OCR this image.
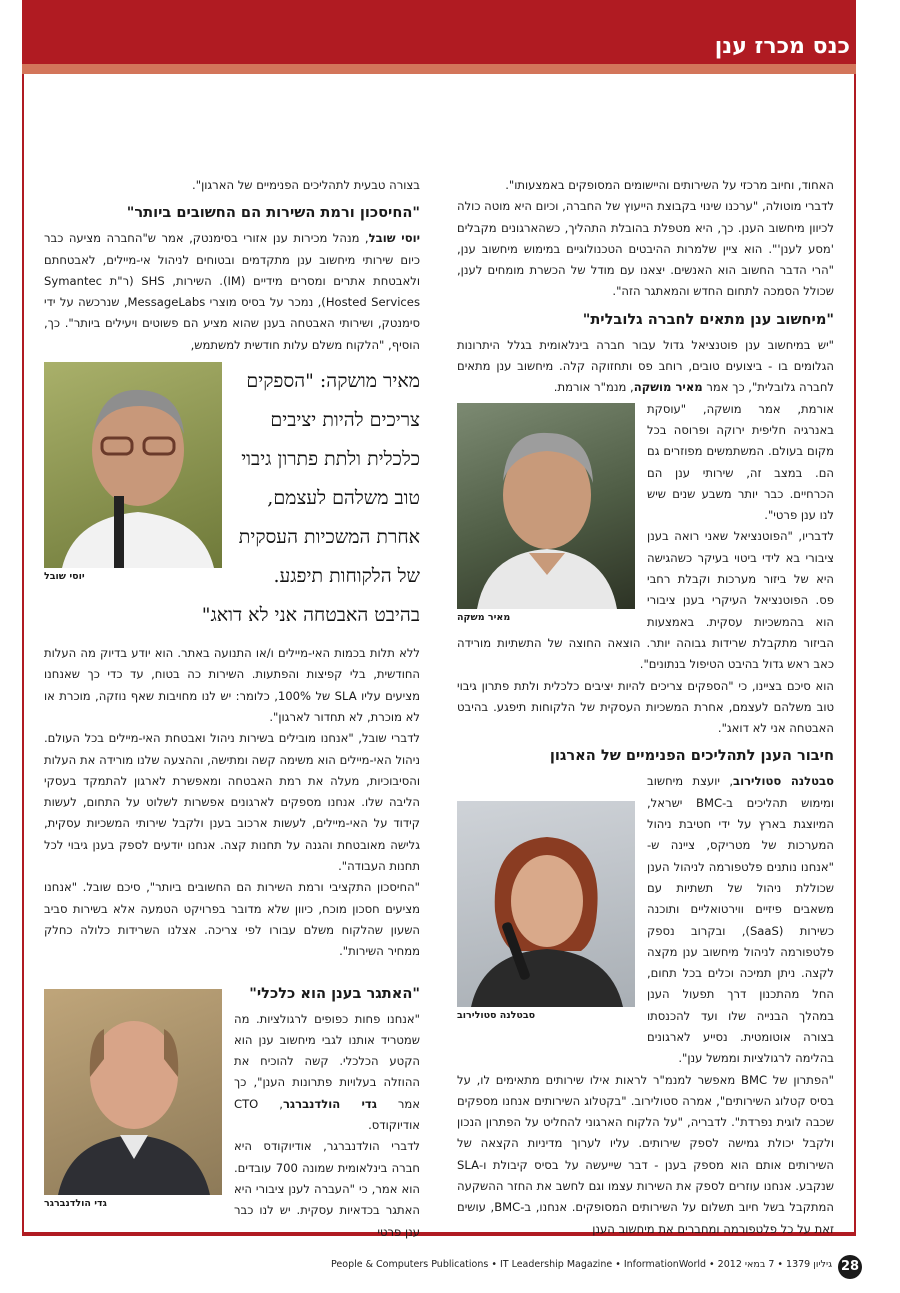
כנס מכרז ענן

האחוד, וחיוב מרכזי על השירותים והיישומים המסופקים באמצעותו".

לדברי מוטולה, "ערכנו שינוי בקבוצת הייעוץ של החברה, וכיום היא מוטה כולה לכיוון מיחשוב הענן. כך, היא מטפלת בהובלת התהליך, כשהארגונים מקבלים 'מסע לענן'". הוא ציין שלמרות ההיבטים הטכנולוגיים במימוש מיחשוב ענן, "הרי הדבר החשוב הוא האנשים. יצאנו עם מודל של הכשרת מומחים לענן, שכולל הסמכה לתחום החדש והמאתגר הזה".

"מיחשוב ענן מתאים לחברה גלובלית"

"יש במיחשוב ענן פוטנציאל גדול עבור חברה בינלאומית בגלל היתרונות הגלומים בו - ביצועים טובים, רוחב פס ותחזוקה קלה. מיחשוב ענן מתאים לחברה גלובלית", כך אמר מאיר מושקה, מנמ"ר אורמת.

מאיר משקה

אורמת, אמר מושקה, "עוסקת באנרגיה חליפית ירוקה ופרוסה בכל מקום בעולם. המשתמשים מפוזרים גם הם. במצב זה, שירותי ענן הם הכרחיים. כבר יותר משבע שנים שיש לנו ענן פרטי".

לדבריו, "הפוטנציאל שאני רואה בענן ציבורי בא לידי ביטוי בעיקר כשהגישה היא של ביזור מערכות וקבלת רחבי פס. הפוטנציאל העיקרי בענן ציבורי הוא בהמשכיות עסקית. באמצעות הביזור מתקבלת שרידות גבוהה יותר. הוצאה החוצה של התשתיות מורידה כאב ראש גדול בהיבט הטיפול בנתונים".

הוא סיכם בציינו, כי "הספקים צריכים להיות יציבים כלכלית ולתת פתרון גיבוי טוב משלהם לעצמם, אחרת המשכיות העסקית של הלקוחות תיפגע. בהיבט האבטחה אני לא דואג".

חיבור הענן לתהליכים הפנימיים של הארגון
סבטלנה סטולירוב

סבטלנה סטולירוב, יועצת מיחשוב ומימוש תהליכים ב-BMC ישראל, המיוצגת בארץ על ידי חטיבת ניהול המערכות של מטריקס, ציינה ש-"אנחנו נותנים פלטפורמה לניהול הענן שכוללת ניהול של תשתיות עם משאבים פיזיים ווירטואליים ותוכנה כשירות (SaaS), ובקרוב נספק פלטפורמה לניהול מיחשוב ענן מקצה לקצה. ניתן תמיכה וכלים בכל תחום, החל מהתכנון דרך תפעול הענן במהלך הבנייה שלו ועד להכנסתו בצורה אוטומטית. נסייע לארגונים בהלימה לרגולציות וממשל ענן".

"הפתרון של BMC מאפשר למנמ"ר לראות אילו שירותים מתאימים לו, על בסיס קטלוג השירותים", אמרה סטולירוב. "בקטלוג השירותים אנחנו מספקים שכבה לוגית נפרדת". לדבריה, "על הלקוח הארגוני להחליט על הפתרון הנכון ולקבל יכולת גמישה לספק שירותים. עליו לערוך מדיניות הקצאה של השירותים אותם הוא מספק בענן - דבר שייעשה על בסיס קיבולת ו-SLA שנקבע. אנחנו עוזרים לספק את השירות עצמו וגם לחשב את החזר ההשקעה המתקבל בשל חיוב תשלום על השירותים המסופקים. אנחנו, ב-BMC, עושים זאת על כל פלטפורמה ומחברים את מיחשוב הענן

בצורה טבעית לתהליכים הפנימיים של הארגון".

"החיסכון ורמת השירות הם החשובים ביותר"

יוסי שובל, מנהל מכירות ענן אזורי בסימנטק, אמר ש"החברה מציעה כבר כיום שירותי מיחשוב ענן מתקדמים ובטוחים לניהול אי-מיילים, לאבטחתם ולאבטחת אתרים ומסרים מידיים (IM). השירות, SHS (ר"ת Symantec Hosted Services), נמכר על בסיס מוצרי MessageLabs, שנרכשה על ידי סימנטק, ושירותי האבטחה בענן שהוא מציע הם פשוטים ויעילים ביותר". כך, הוסיף, "הלקוח משלם עלות חודשית למשתמש,

יוסי שובל
מאיר מושקה: "הספקים צריכים להיות יציבים כלכלית ולתת פתרון גיבוי טוב משלהם לעצמם, אחרת המשכיות העסקית של הלקוחות תיפגע. בהיבט האבטחה אני לא דואג"

ללא תלות בכמות האי-מיילים ו/או התנועה באתר. הוא יודע בדיוק מה העלות החודשית, בלי קפיצות והפתעות. השירות כה בטוח, עד כדי כך שאנחנו מציעים עליו SLA של 100%, כלומר: יש לנו מחויבות שאף נוזקה, מוכרת או לא מוכרת, לא תחדור לארגון".

לדברי שובל, "אנחנו מובילים בשירות ניהול ואבטחת האי-מיילים בכל העולם. ניהול האי-מיילים הוא משימה קשה ומתישה, וההצעה שלנו מורידה את העלות והסיבוכיות, מעלה את רמת האבטחה ומאפשרת לארגון להתמקד בעסקי הליבה שלו. אנחנו מספקים לארגונים אפשרות לשלוט על התחום, לעשות קידוד על האי-מיילים, לעשות ארכוב בענן ולקבל שירותי המשכיות עסקית, גלישה מאובטחת והגנה על תחנות קצה. אנחנו יודעים לספק בענן גיבוי לכל תחנות העבודה".

"החיסכון התקציבי ורמת השירות הם החשובים ביותר", סיכם שובל. "אנחנו מציעים חסכון מוכח, כיוון שלא מדובר בפרויקט הטמעה אלא בשירות סביב השעון שהלקוח משלם עבורו לפי צריכה. אצלנו השרידות כלולה כחלק ממחיר השירות".

גדי הולדנברגר
"האתגר בענן הוא כלכלי"

"אנחנו פחות כפופים לרגולציות. מה שמטריד אותנו לגבי מיחשוב ענן הוא הקטע הכלכלי. קשה להוכיח את ההוזלה בעלויות פתרונות הענן", כך אמר גדי הולדנברגר, CTO אודיוקודס.

לדברי הולדנברגר, אודיוקודס היא חברה בינלאומית שמונה 700 עובדים. הוא אמר, כי "העברה לענן ציבורי היא האתגר בכדאיות עסקית. יש לנו כבר ענן פרטי

28
People & Computers Publications • IT Leadership Magazine • InformationWorld • 2012 גיליון 1379 • 7 במאי
